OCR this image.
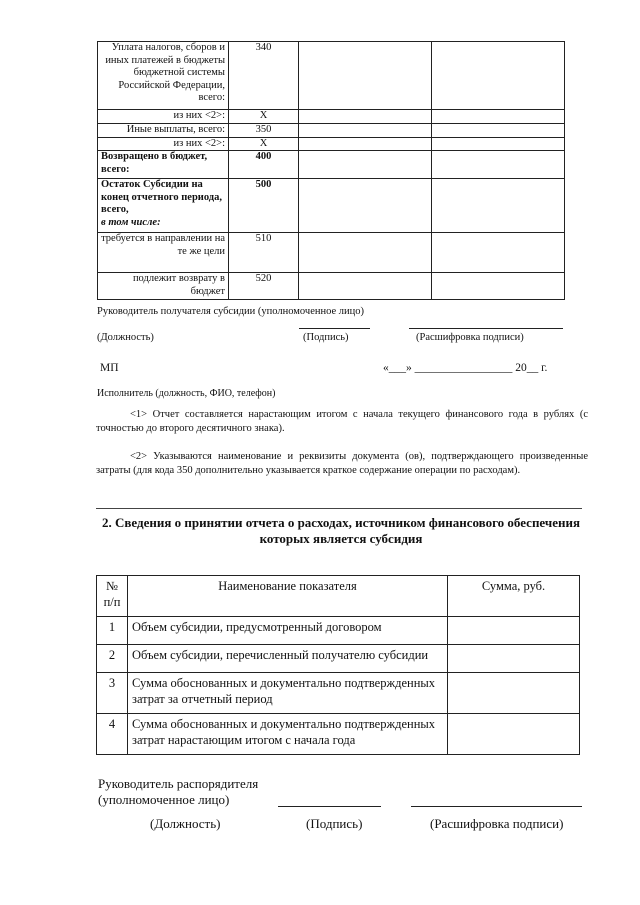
Уплата налогов, сборов и иных платежей в бюджеты бюджетной системы Российской Федерации, всего:	340		
из них <2>:	X		
Иные выплаты, всего:	350		
из них <2>:	X		
Возвращено в бюджет, всего:	400		
Остаток Субсидии на конец отчетного периода, всего,
в том числе:	500		
требуется в направлении на те же цели	510		
подлежит возврату в бюджет	520		
Руководитель получателя субсидии (уполномоченное лицо)
(Должность)	(Подпись)	(Расшифровка подписи)
МП	«___» _________________ 20__ г.
Исполнитель (должность, ФИО, телефон)
<1> Отчет составляется нарастающим итогом с начала текущего финансового года в рублях (с точностью до второго десятичного знака).
<2> Указываются наименование и реквизиты документа (ов), подтверждающего произведенные затраты (для кода 350 дополнительно указывается краткое содержание операции по расходам).
2. Сведения о принятии отчета о расходах, источником финансового обеспечения
которых является субсидия
№ п/п	Наименование показателя	Сумма, руб.
1	Объем субсидии, предусмотренный договором	
2	Объем субсидии, перечисленный получателю субсидии	
3	Сумма обоснованных и документально подтвержденных затрат за отчетный период	
4	Сумма обоснованных и документально подтвержденных затрат нарастающим итогом с начала года	
Руководитель распорядителя
(уполномоченное лицо)
(Должность)	(Подпись)	(Расшифровка подписи)
